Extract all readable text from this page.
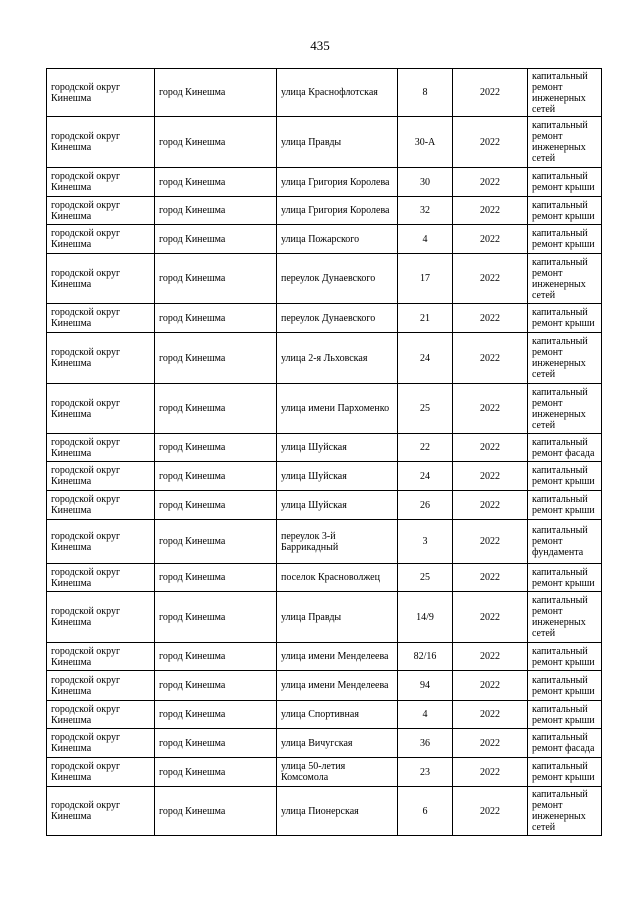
435
городской округ Кинешма	город Кинешма	улица Краснофлотская	8	2022	капитальный ремонт инженерных сетей
городской округ Кинешма	город Кинешма	улица Правды	30-А	2022	капитальный ремонт инженерных сетей
городской округ Кинешма	город Кинешма	улица Григория Королева	30	2022	капитальный ремонт крыши
городской округ Кинешма	город Кинешма	улица Григория Королева	32	2022	капитальный ремонт крыши
городской округ Кинешма	город Кинешма	улица Пожарского	4	2022	капитальный ремонт крыши
городской округ Кинешма	город Кинешма	переулок Дунаевского	17	2022	капитальный ремонт инженерных сетей
городской округ Кинешма	город Кинешма	переулок Дунаевского	21	2022	капитальный ремонт крыши
городской округ Кинешма	город Кинешма	улица 2-я Льховская	24	2022	капитальный ремонт инженерных сетей
городской округ Кинешма	город Кинешма	улица имени Пархоменко	25	2022	капитальный ремонт инженерных сетей
городской округ Кинешма	город Кинешма	улица Шуйская	22	2022	капитальный ремонт фасада
городской округ Кинешма	город Кинешма	улица Шуйская	24	2022	капитальный ремонт крыши
городской округ Кинешма	город Кинешма	улица Шуйская	26	2022	капитальный ремонт крыши
городской округ Кинешма	город Кинешма	переулок 3-й Баррикадный	3	2022	капитальный ремонт фундамента
городской округ Кинешма	город Кинешма	поселок Красноволжец	25	2022	капитальный ремонт крыши
городской округ Кинешма	город Кинешма	улица Правды	14/9	2022	капитальный ремонт инженерных сетей
городской округ Кинешма	город Кинешма	улица имени Менделеева	82/16	2022	капитальный ремонт крыши
городской округ Кинешма	город Кинешма	улица имени Менделеева	94	2022	капитальный ремонт крыши
городской округ Кинешма	город Кинешма	улица Спортивная	4	2022	капитальный ремонт крыши
городской округ Кинешма	город Кинешма	улица Вичугская	36	2022	капитальный ремонт фасада
городской округ Кинешма	город Кинешма	улица 50-летия Комсомола	23	2022	капитальный ремонт крыши
городской округ Кинешма	город Кинешма	улица Пионерская	6	2022	капитальный ремонт инженерных сетей
